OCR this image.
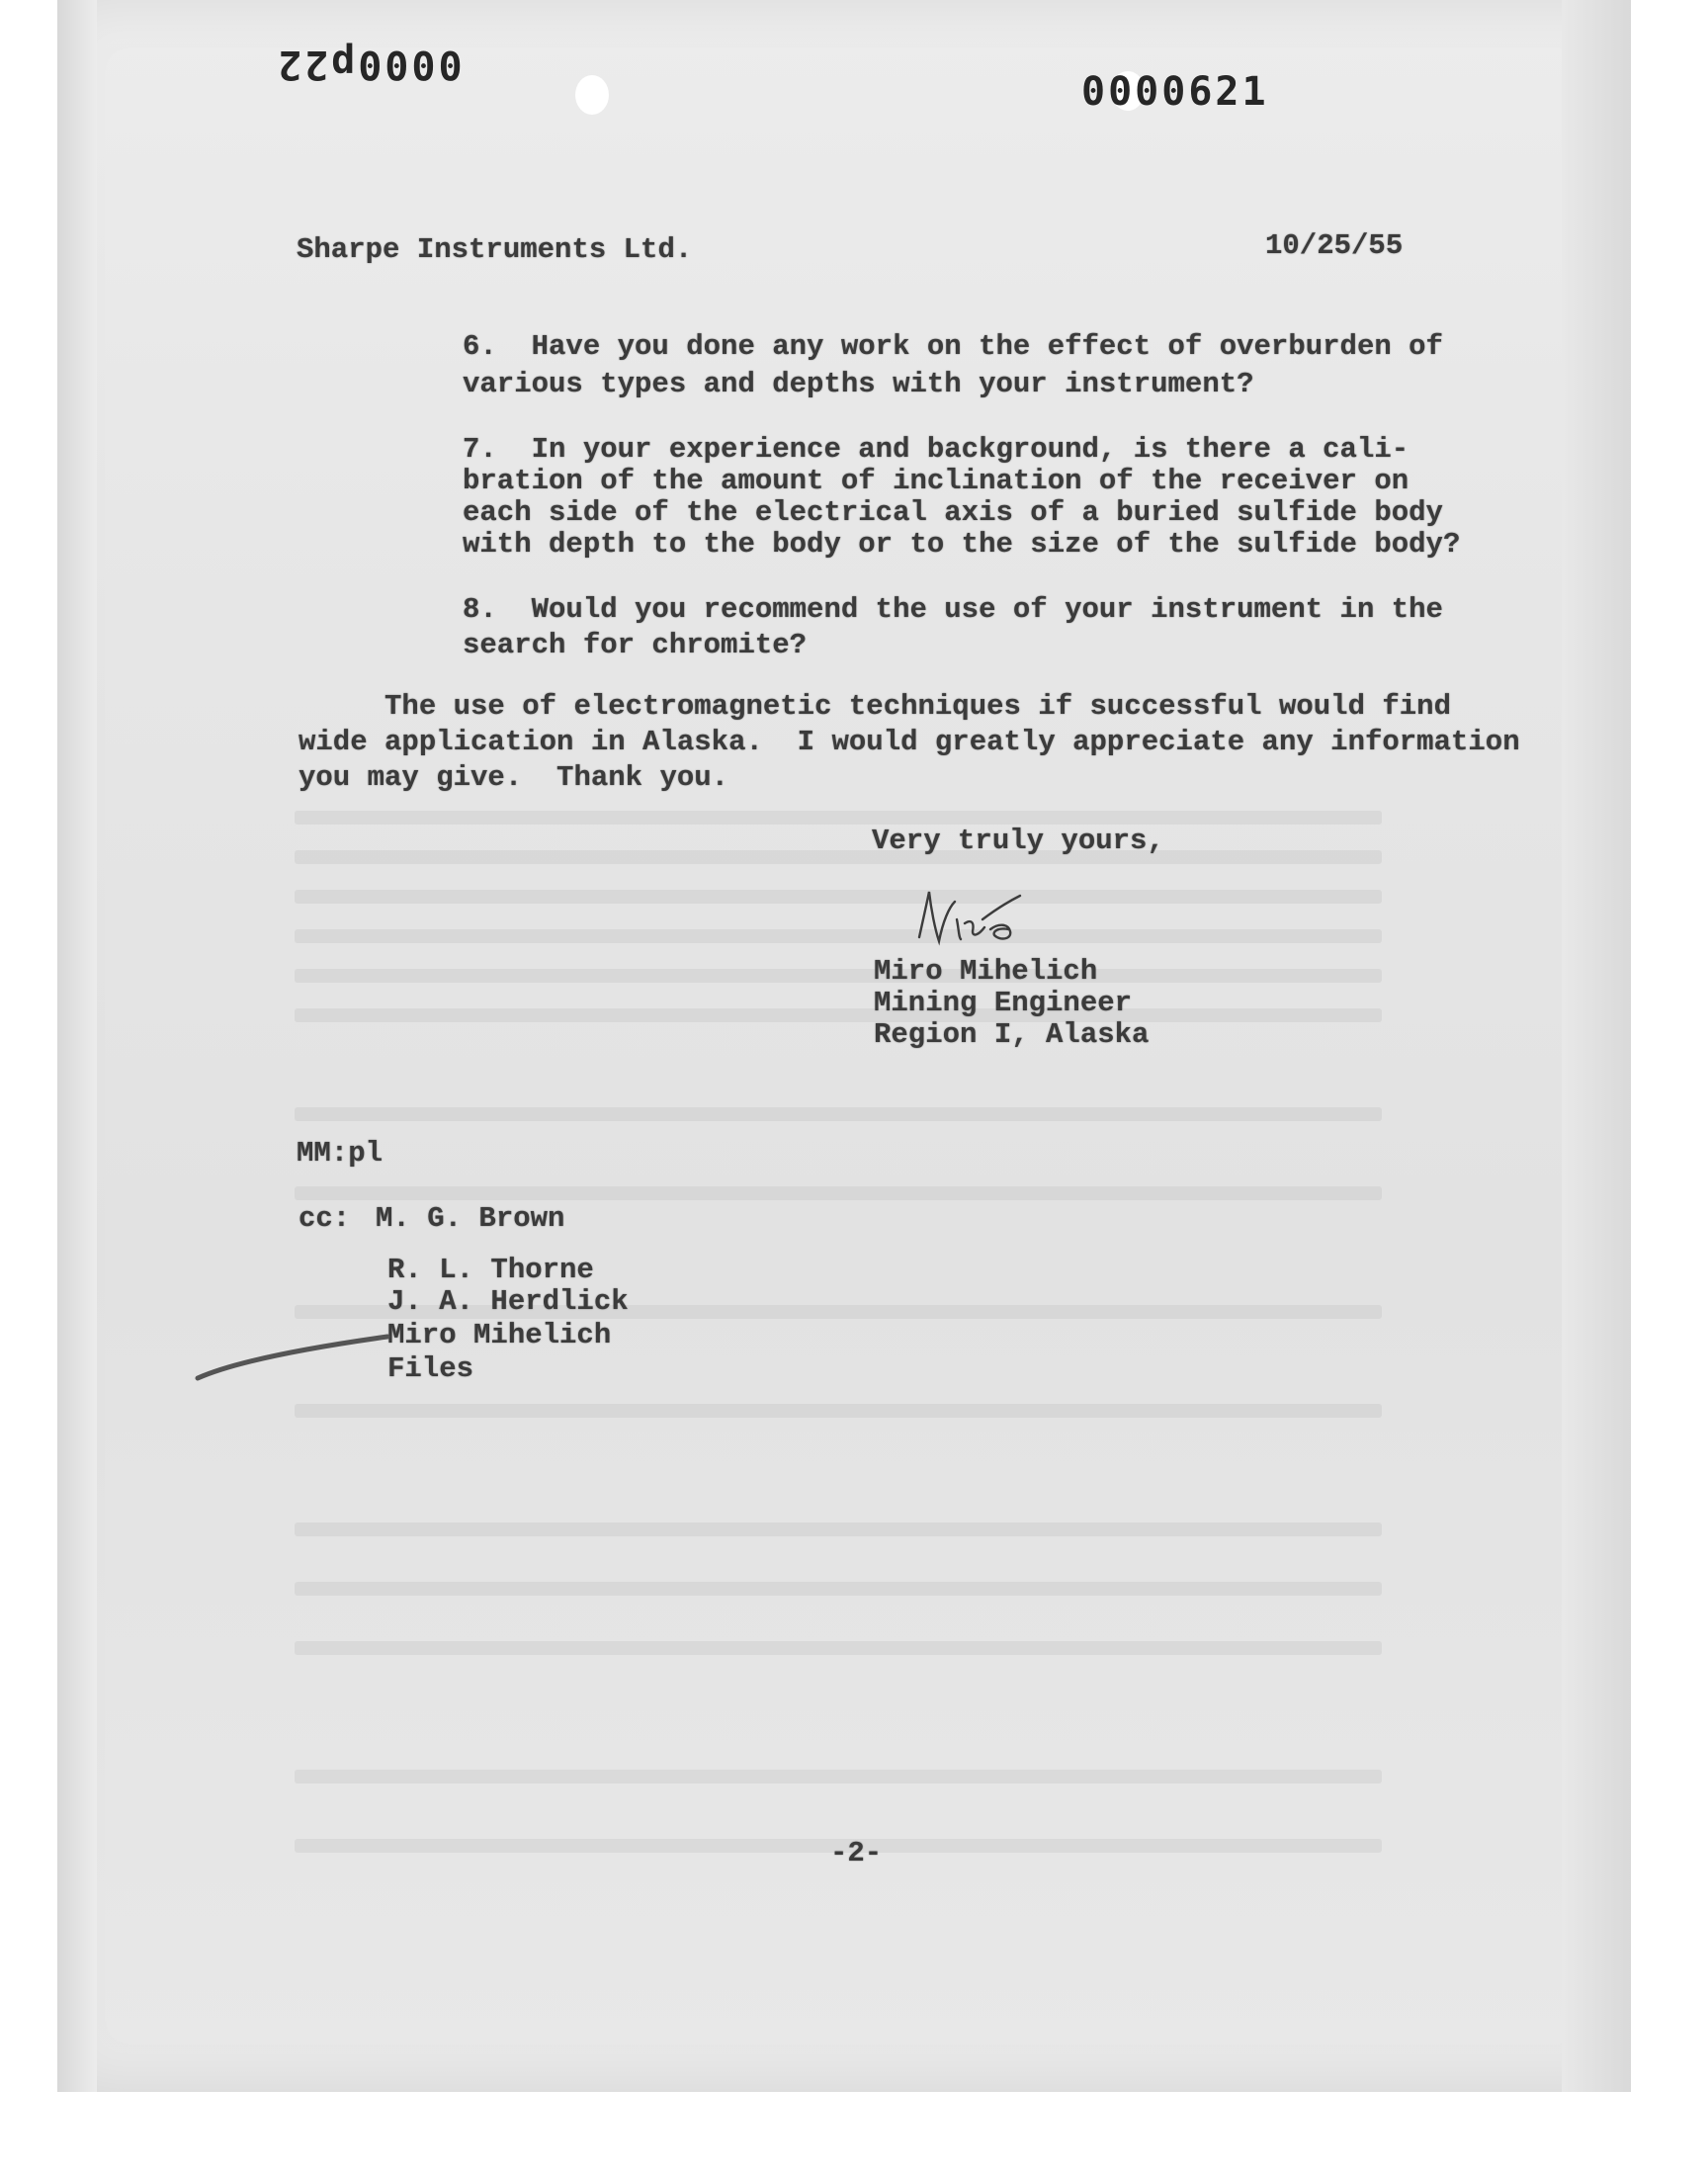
0000p22
0000621
Sharpe Instruments Ltd.	10/25/55
6.  Have you done any work on the effect of overburden of
various types and depths with your instrument?
7.  In your experience and background, is there a cali-
bration of the amount of inclination of the receiver on
each side of the electrical axis of a buried sulfide body
with depth to the body or to the size of the sulfide body?
8.  Would you recommend the use of your instrument in the
search for chromite?
The use of electromagnetic techniques if successful would find
wide application in Alaska.  I would greatly appreciate any information
you may give.  Thank you.
Very truly yours,
Miro Mihelich
Mining Engineer
Region I, Alaska
MM:pl
cc: M. G. Brown
R. L. Thorne
J. A. Herdlick
Miro Mihelich
Files
-2-
